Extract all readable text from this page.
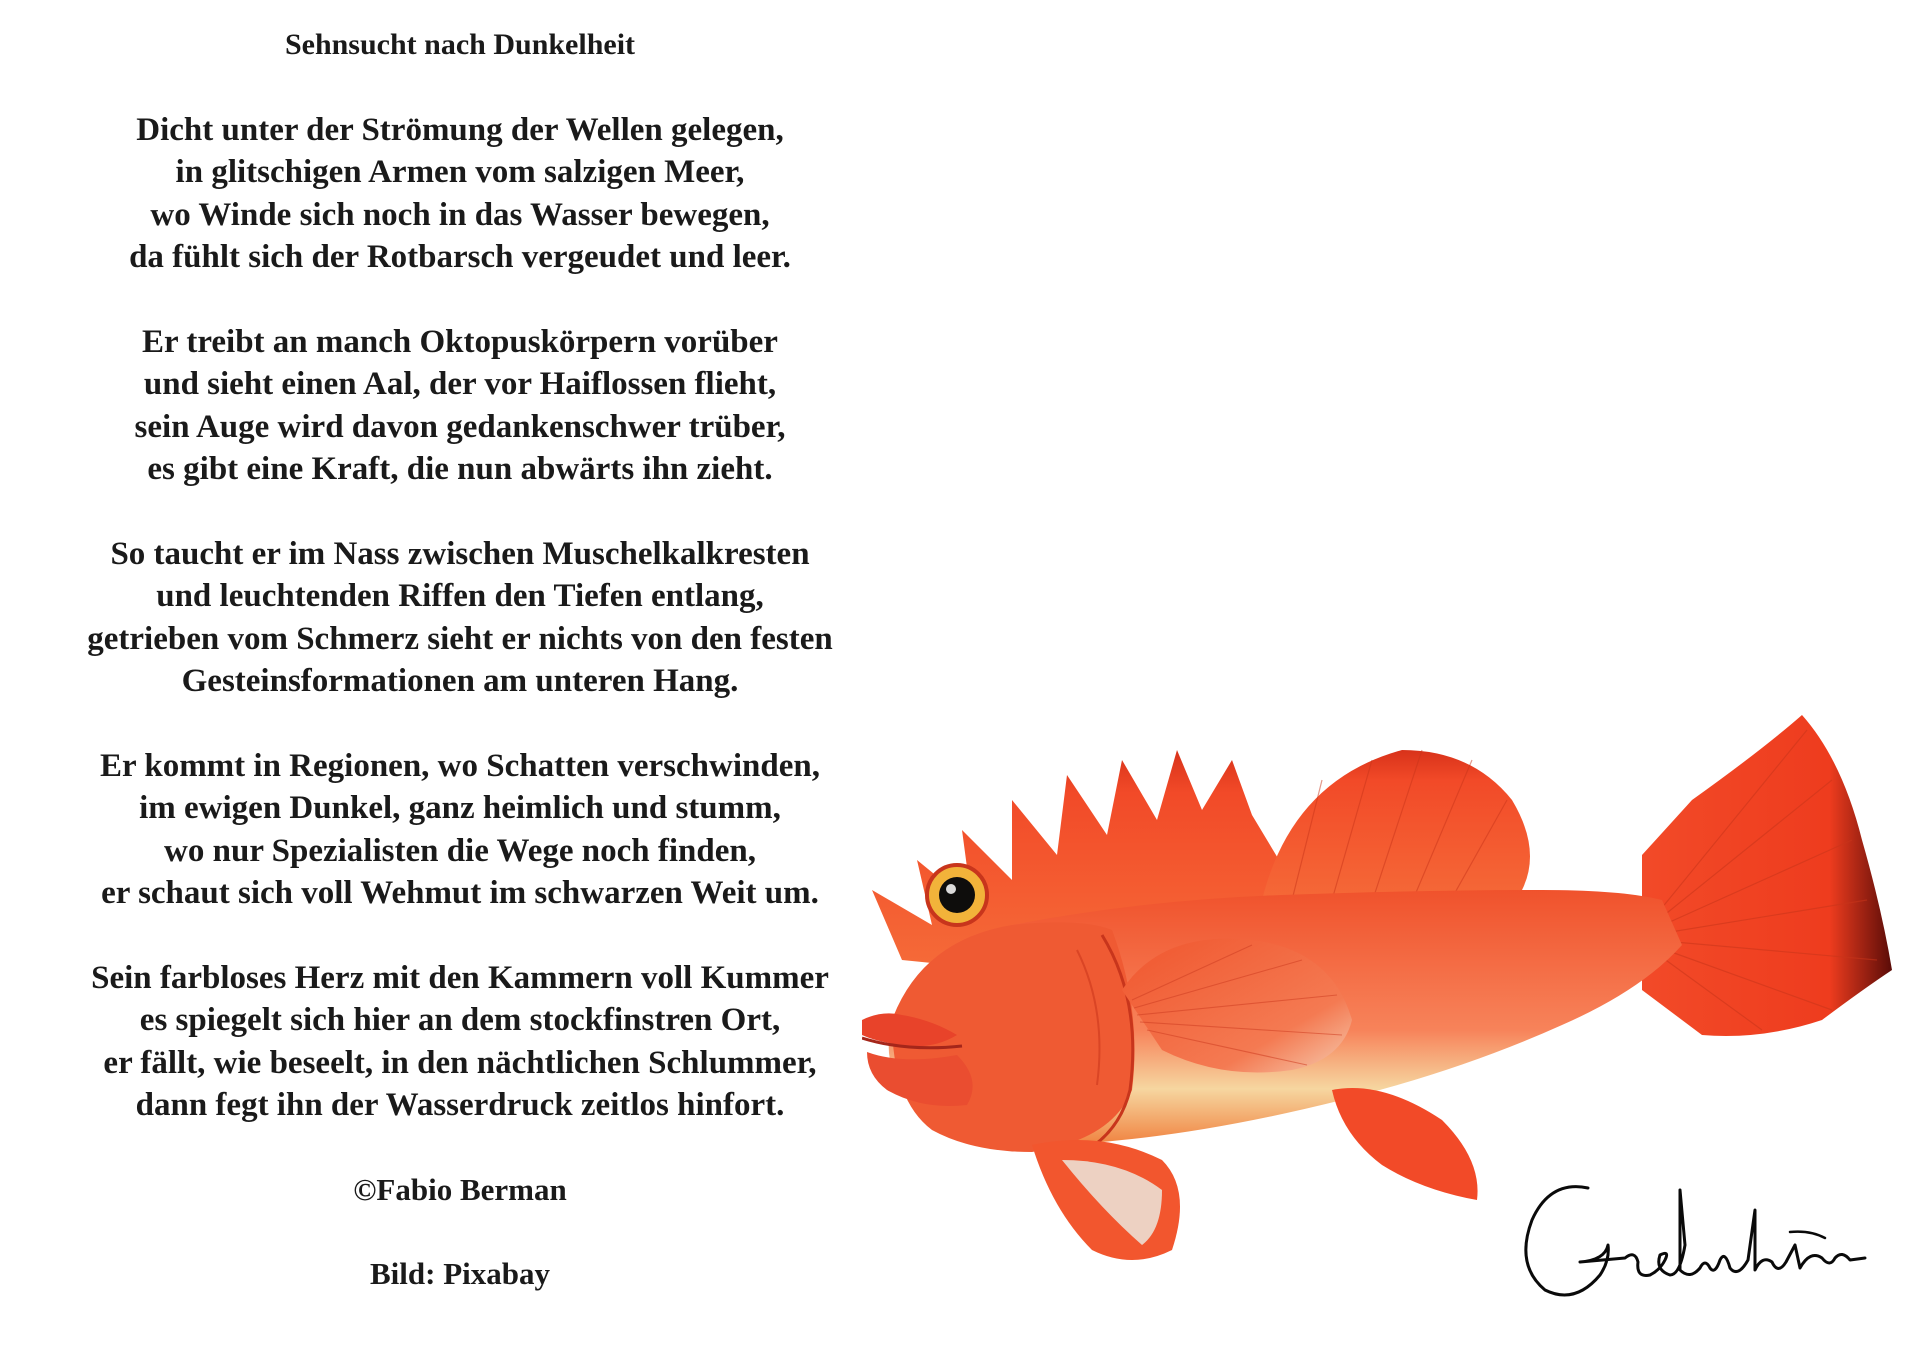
Sehnsucht nach Dunkelheit
Dicht unter der Strömung der Wellen gelegen,
in glitschigen Armen vom salzigen Meer,
wo Winde sich noch in das Wasser bewegen,
da fühlt sich der Rotbarsch vergeudet und leer.
Er treibt an manch Oktopuskörpern vorüber
und sieht einen Aal, der vor Haiflossen flieht,
sein Auge wird davon gedankenschwer trüber,
es gibt eine Kraft, die nun abwärts ihn zieht.
So taucht er im Nass zwischen Muschelkalkresten
und leuchtenden Riffen den Tiefen entlang,
getrieben vom Schmerz sieht er nichts von den festen
Gesteinsformationen am unteren Hang.
Er kommt in Regionen, wo Schatten verschwinden,
im ewigen Dunkel, ganz heimlich und stumm,
wo nur Spezialisten die Wege noch finden,
er schaut sich voll Wehmut im schwarzen Weit um.
Sein farbloses Herz mit den Kammern voll Kummer
es spiegelt sich hier an dem stockfinstren Ort,
er fällt, wie beseelt, in den nächtlichen Schlummer,
dann fegt ihn der Wasserdruck zeitlos hinfort.
©Fabio Berman
Bild: Pixabay
